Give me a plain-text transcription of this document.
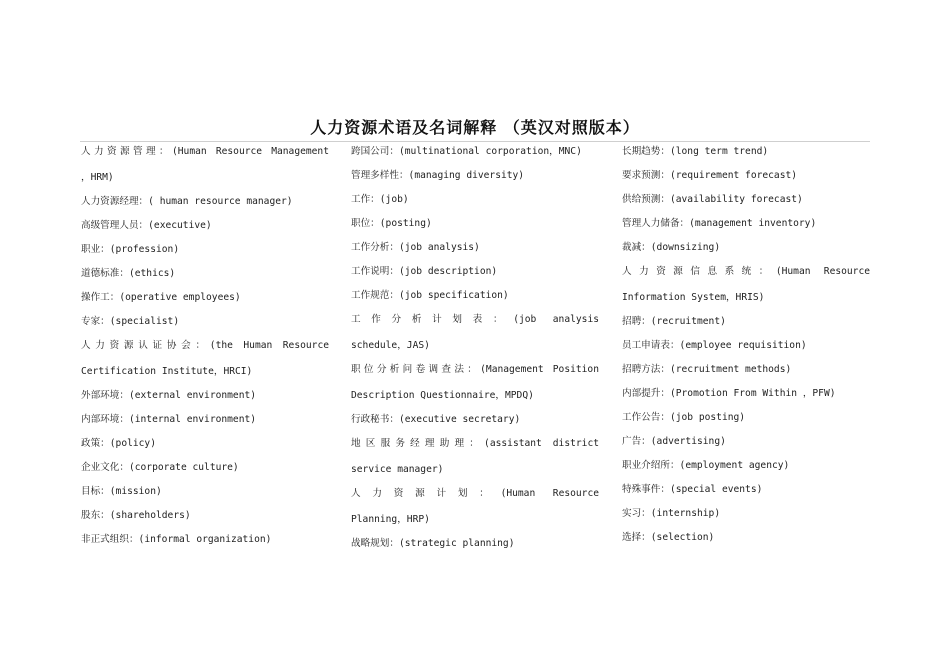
人力资源术语及名词解释 （英汉对照版本）
人力资源管理：(Human Resource Management
，HRM)
人力资源经理：( human resource manager)
高级管理人员：(executive)
职业：(profession)
道德标准：(ethics)
操作工：(operative employees)
专家：(specialist)
人力资源认证协会：(the Human Resource
Certification Institute，HRCI)
外部环境：(external environment)
内部环境：(internal environment)
政策：(policy)
企业文化：(corporate culture)
目标：(mission)
股东：(shareholders)
非正式组织：(informal organization)
跨国公司：(multinational corporation，MNC)
管理多样性：(managing diversity)
工作：(job)
职位：(posting)
工作分析：(job analysis)
工作说明：(job description)
工作规范：(job specification)
工作分析计划表：(job analysis
schedule，JAS)
职位分析问卷调查法：(Management Position
Description Questionnaire，MPDQ)
行政秘书：(executive secretary)
地区服务经理助理：(assistant district
service manager)
人力资源计划：(Human Resource
Planning，HRP)
战略规划：(strategic planning)
长期趋势：(long term trend)
要求预测：(requirement forecast)
供给预测：(availability forecast)
管理人力储备：(management inventory)
裁减：(downsizing)
人力资源信息系统：(Human Resource
Information System，HRIS)
招聘：(recruitment)
员工申请表：(employee requisition)
招聘方法：(recruitment methods)
内部提升：(Promotion From Within ，PFW)
工作公告：(job posting)
广告：(advertising)
职业介绍所：(employment agency)
特殊事件：(special events)
实习：(internship)
选择：(selection)
